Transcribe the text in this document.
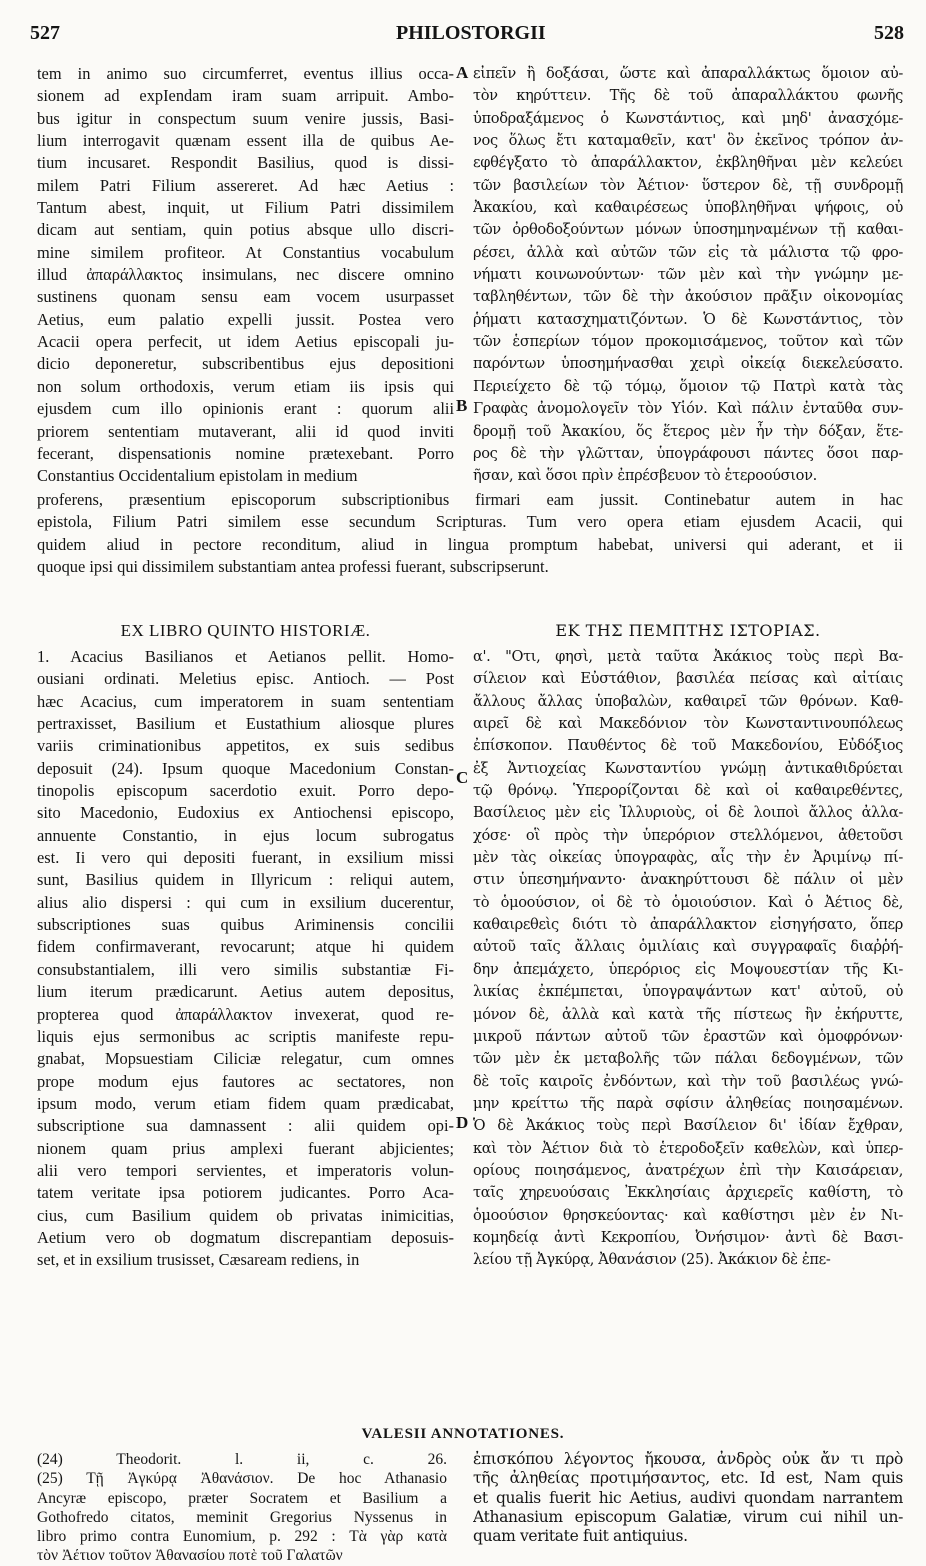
527	PHILOSTORGII	528
tem in animo suo circumferret, eventus illius occa-
sionem ad expIendam iram suam arripuit. Ambo-
bus igitur in conspectum suum venire jussis, Basi-
lium interrogavit quænam essent illa de quibus Ae-
tium incusaret. Respondit Basilius, quod is dissi-
milem Patri Filium assereret. Ad hæc Aetius :
Tantum abest, inquit, ut Filium Patri dissimilem
dicam aut sentiam, quin potius absque ullo discri-
mine similem profiteor. At Constantius vocabulum
illud ἀπαράλλακτος insimulans, nec discere omnino
sustinens quonam sensu eam vocem usurpasset
Aetius, eum palatio expelli jussit. Postea vero
Acacii opera perfecit, ut idem Aetius episcopali ju-
dicio deponeretur, subscribentibus ejus depositioni
non solum orthodoxis, verum etiam iis ipsis qui
ejusdem cum illo opinionis erant : quorum alii
priorem sententiam mutaverant, alii id quod inviti
fecerant, dispensationis nomine prætexebant. Porro
Constantius Occidentalium epistolam in medium
εἰπεῖν ἢ δοξάσαι, ὥστε καὶ ἀπαραλλάκτως ὅμοιον αὐ-
τὸν κηρύττειν. Τῆς δὲ τοῦ ἀπαραλλάκτου φωνῆς
ὑποδραξάμενος ὁ Κωνστάντιος, καὶ μηδ' ἀνασχόμε-
νος ὅλως ἔτι καταμαθεῖν, κατ' ὃν ἐκεῖνος τρόπον ἀν-
εφθέγξατο τὸ ἀπαράλλακτον, ἐκβληθῆναι μὲν κελεύει
τῶν βασιλείων τὸν Ἀέτιον· ὕστερον δὲ, τῇ συνδρομῇ
Ἀκακίου, καὶ καθαιρέσεως ὑποβληθῆναι ψήφοις, οὐ
τῶν ὀρθοδοξούντων μόνων ὑποσημηναμένων τῇ καθαι-
ρέσει, ἀλλὰ καὶ αὐτῶν τῶν εἰς τὰ μάλιστα τῷ φρο-
νήματι κοινωνούντων· τῶν μὲν καὶ τὴν γνώμην με-
ταβληθέντων, τῶν δὲ τὴν ἀκούσιον πρᾶξιν οἰκονομίας
ῥήματι κατασχηματιζόντων. Ὁ δὲ Κωνστάντιος, τὸν
τῶν ἑσπερίων τόμον προκομισάμενος, τοῦτον καὶ τῶν
παρόντων ὑποσημήνασθαι χειρὶ οἰκείᾳ διεκελεύσατο.
Περιείχετο δὲ τῷ τόμῳ, ὅμοιον τῷ Πατρὶ κατὰ τὰς
Γραφὰς ἀνομολογεῖν τὸν Υἱόν. Καὶ πάλιν ἐνταῦθα συν-
δρομῇ τοῦ Ἀκακίου, ὅς ἕτερος μὲν ἦν τὴν δόξαν, ἕτε-
ρος δὲ τὴν γλῶτταν, ὑπογράφουσι πάντες ὅσοι παρ-
ῆσαν, καὶ ὅσοι πρὶν ἐπρέσβευον τὸ ἑτεροούσιον.
A
B
C
D
proferens, præsentium episcoporum subscriptionibus firmari eam jussit. Continebatur autem in hac
epistola, Filium Patri similem esse secundum Scripturas. Tum vero opera etiam ejusdem Acacii, qui
quidem aliud in pectore reconditum, aliud in lingua promptum habebat, universi qui aderant, et ii
quoque ipsi qui dissimilem substantiam antea professi fuerant, subscripserunt.
EX LIBRO QUINTO HISTORIÆ.	ΕΚ ΤΗΣ ΠΕΜΠΤΗΣ ΙΣΤΟΡΙΑΣ.
1. Acacius Basilianos et Aetianos pellit. Homo-
ousiani ordinati. Meletius episc. Antioch. — Post
hæc Acacius, cum imperatorem in suam sententiam
pertraxisset, Basilium et Eustathium aliosque plures
variis criminationibus appetitos, ex suis sedibus
deposuit (24). Ipsum quoque Macedonium Constan-
tinopolis episcopum sacerdotio exuit. Porro depo-
sito Macedonio, Eudoxius ex Antiochensi episcopo,
annuente Constantio, in ejus locum subrogatus
est. Ii vero qui depositi fuerant, in exsilium missi
sunt, Basilius quidem in Illyricum : reliqui autem,
alius alio dispersi : qui cum in exsilium ducerentur,
subscriptiones suas quibus Ariminensis concilii
fidem confirmaverant, revocarunt; atque hi quidem
consubstantialem, illi vero similis substantiæ Fi-
lium iterum prædicarunt. Aetius autem depositus,
propterea quod ἀπαράλλακτον invexerat, quod re-
liquis ejus sermonibus ac scriptis manifeste repu-
gnabat, Mopsuestiam Ciliciæ relegatur, cum omnes
prope modum ejus fautores ac sectatores, non
ipsum modo, verum etiam fidem quam prædicabat,
subscriptione sua damnassent : alii quidem opi-
nionem quam prius amplexi fuerant abjicientes;
alii vero tempori servientes, et imperatoris volun-
tatem veritate ipsa potiorem judicantes. Porro Aca-
cius, cum Basilium quidem ob privatas inimicitias,
Aetium vero ob dogmatum discrepantiam deposuis-
set, et in exsilium trusisset, Cæsaream rediens, in
α'. "Οτι, φησὶ, μετὰ ταῦτα Ἀκάκιος τοὺς περὶ Βα-
σίλειον καὶ Εὐστάθιον, βασιλέα πείσας καὶ αἰτίαις
ἄλλους ἄλλας ὑποβαλὼν, καθαιρεῖ τῶν θρόνων. Καθ-
αιρεῖ δὲ καὶ Μακεδόνιον τὸν Κωνσταντινουπόλεως
ἐπίσκοπον. Παυθέντος δὲ τοῦ Μακεδονίου, Εὐδόξιος
ἐξ Ἀντιοχείας Κωνσταντίου γνώμῃ ἀντικαθιδρύεται
τῷ θρόνῳ. Ὑπερορίζονται δὲ καὶ οἱ καθαιρεθέντες,
Βασίλειος μὲν εἰς Ἰλλυριοὺς, οἱ δὲ λοιποὶ ἄλλος ἀλλα-
χόσε· οἳ πρὸς τὴν ὑπερόριον στελλόμενοι, ἀθετοῦσι
μὲν τὰς οἰκείας ὑπογραφὰς, αἷς τὴν ἐν Ἀριμίνῳ πί-
στιν ὑπεσημήναντο· ἀνακηρύττουσι δὲ πάλιν οἱ μὲν
τὸ ὁμοούσιον, οἱ δὲ τὸ ὁμοιούσιον. Καὶ ὁ Ἀέτιος δὲ,
καθαιρεθεὶς διότι τὸ ἀπαράλλακτον εἰσηγήσατο, ὅπερ
αὐτοῦ ταῖς ἄλλαις ὁμιλίαις καὶ συγγραφαῖς διαῤῥή-
δην ἀπεμάχετο, ὑπερόριος εἰς Μοψουεστίαν τῆς Κι-
λικίας ἐκπέμπεται, ὑπογραψάντων κατ' αὐτοῦ, οὐ
μόνον δὲ, ἀλλὰ καὶ κατὰ τῆς πίστεως ἣν ἐκήρυττε,
μικροῦ πάντων αὐτοῦ τῶν ἐραστῶν καὶ ὁμοφρόνων·
τῶν μὲν ἐκ μεταβολῆς τῶν πάλαι δεδογμένων, τῶν
δὲ τοῖς καιροῖς ἐνδόντων, καὶ τὴν τοῦ βασιλέως γνώ-
μην κρείττω τῆς παρὰ σφίσιν ἀληθείας ποιησαμένων.
Ὁ δὲ Ἀκάκιος τοὺς περὶ Βασίλειον δι' ἰδίαν ἔχθραν,
καὶ τὸν Ἀέτιον διὰ τὸ ἑτεροδοξεῖν καθελὼν, καὶ ὑπερ-
ορίους ποιησάμενος, ἀνατρέχων ἐπὶ τὴν Καισάρειαν,
ταῖς χηρευούσαις Ἐκκλησίαις ἀρχιερεῖς καθίστη, τὸ
ὁμοούσιον θρησκεύοντας· καὶ καθίστησι μὲν ἐν Νι-
κομηδείᾳ ἀντὶ Κεκροπίου, Ὀνήσιμον· ἀντὶ δὲ Βασι-
λείου τῇ Ἀγκύρᾳ, Ἀθανάσιον (25). Ἀκάκιον δὲ ἐπε-
VALESII ANNOTATIONES.
(24) Theodorit. l. ii, c. 26.
(25) Τῇ Ἀγκύρᾳ Ἀθανάσιον. De hoc Athanasio
Ancyræ episcopo, præter Socratem et Basilium a
Gothofredo citatos, meminit Gregorius Nyssenus in
libro primo contra Eunomium, p. 292 : Τὰ γὰρ κατὰ
τὸν Ἀέτιον τοῦτον Ἀθανασίου ποτὲ τοῦ Γαλατῶν
ἐπισκόπου λέγοντος ἤκουσα, ἀνδρὸς οὐκ ἄν τι πρὸ
τῆς ἀληθείας προτιμήσαντος, etc. Id est, Nam quis
et qualis fuerit hic Aetius, audivi quondam narrantem
Athanasium episcopum Galatiæ, virum cui nihil un-
quam veritate fuit antiquius.
